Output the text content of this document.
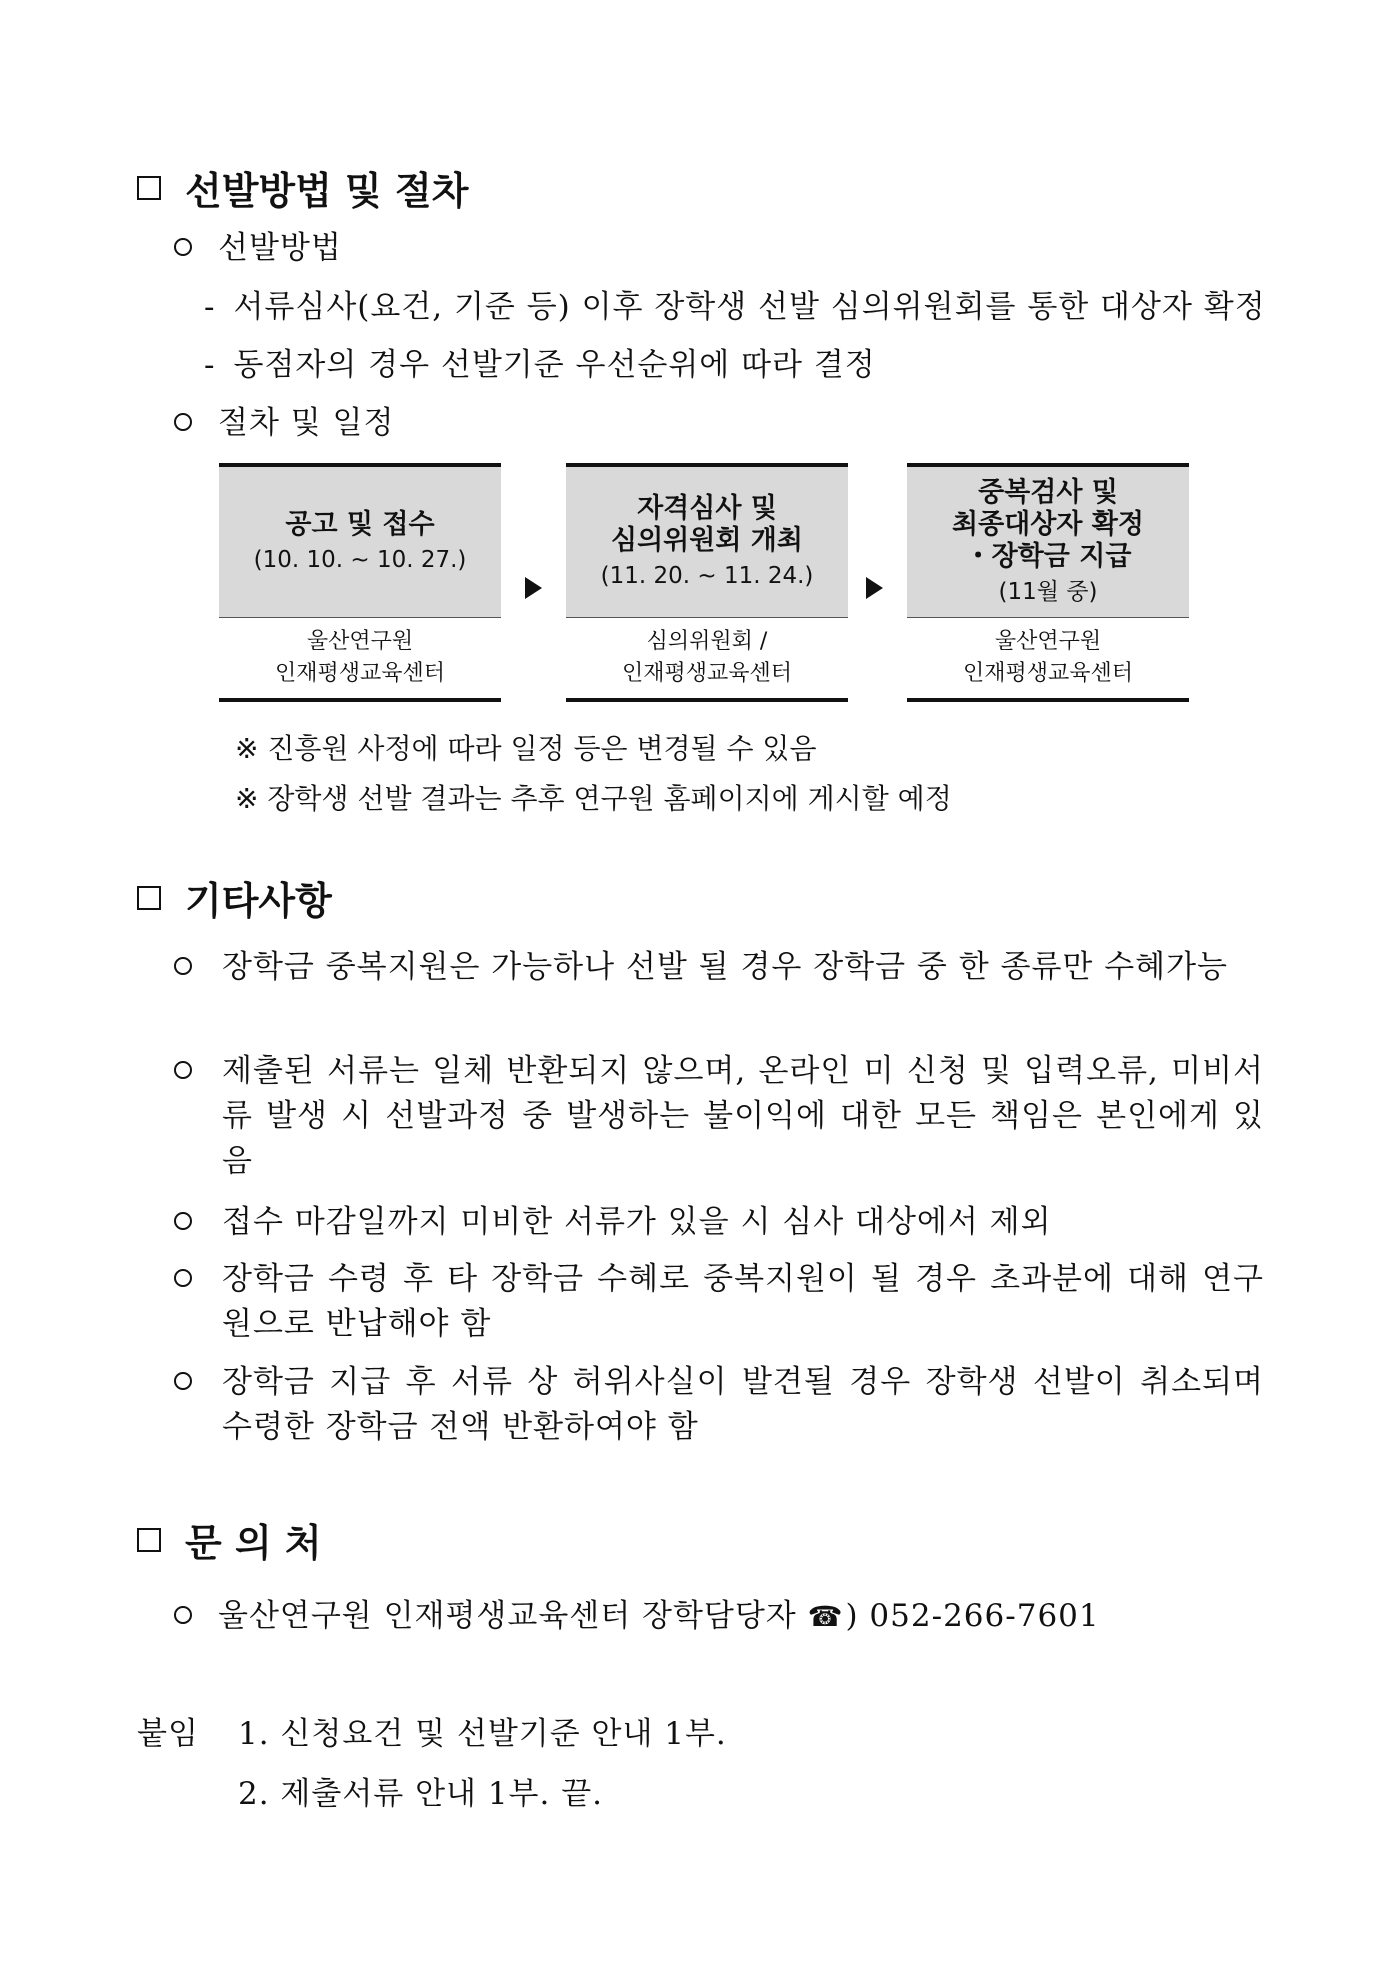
선발방법 및 절차
선발방법
- 서류심사(요건, 기준 등) 이후 장학생 선발 심의위원회를 통한 대상자 확정
- 동점자의 경우 선발기준 우선순위에 따라 결정
절차 및 일정
공고 및 접수
(10. 10. ~ 10. 27.)
울산연구원
인재평생교육센터
자격심사 및
심의위원회 개최
(11. 20. ~ 11. 24.)
심의위원회 /
인재평생교육센터
중복검사 및
최종대상자 확정
・장학금 지급
(11월 중)
울산연구원
인재평생교육센터
※ 진흥원 사정에 따라 일정 등은 변경될 수 있음
※ 장학생 선발 결과는 추후 연구원 홈페이지에 게시할 예정
기타사항
장학금 중복지원은 가능하나 선발 될 경우 장학금 중 한 종류만 수혜가능
제출된 서류는 일체 반환되지 않으며, 온라인 미 신청 및 입력오류, 미비서류 발생 시 선발과정 중 발생하는 불이익에 대한 모든 책임은 본인에게 있음
접수 마감일까지 미비한 서류가 있을 시 심사 대상에서 제외
장학금 수령 후 타 장학금 수혜로 중복지원이 될 경우 초과분에 대해 연구원으로 반납해야 함
장학금 지급 후 서류 상 허위사실이 발견될 경우 장학생 선발이 취소되며 수령한 장학금 전액 반환하여야 함
문 의 처
울산연구원 인재평생교육센터 장학담당자 ☎) 052-266-7601
붙임 1. 신청요건 및 선발기준 안내 1부.
2. 제출서류 안내 1부. 끝.
